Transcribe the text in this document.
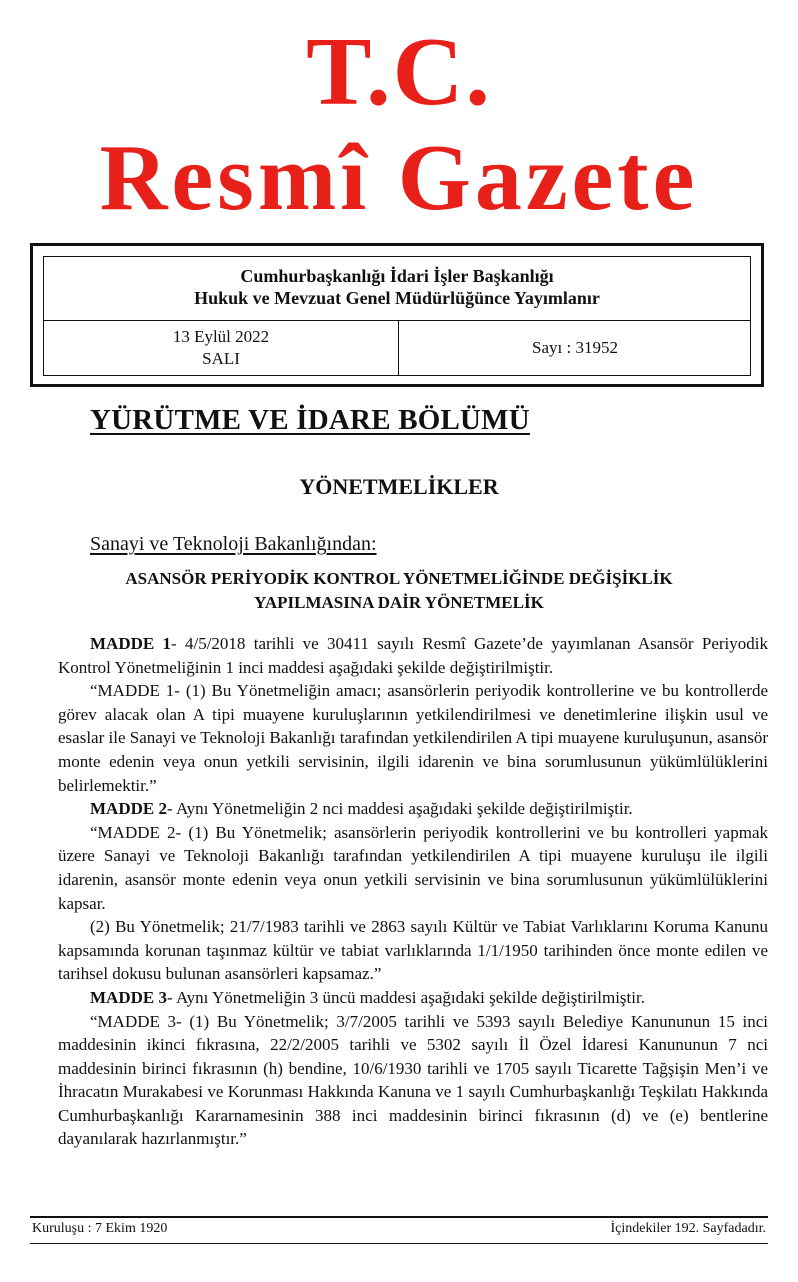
T.C.
Resmî Gazete
Cumhurbaşkanlığı İdari İşler Başkanlığı
Hukuk ve Mevzuat Genel Müdürlüğünce Yayımlanır
13 Eylül 2022
SALI
Sayı : 31952
YÜRÜTME VE İDARE BÖLÜMÜ
YÖNETMELİKLER
Sanayi ve Teknoloji Bakanlığından:
ASANSÖR PERİYODİK KONTROL YÖNETMELİĞİNDE DEĞİŞİKLİK
YAPILMASINA DAİR YÖNETMELİK

MADDE 1- 4/5/2018 tarihli ve 30411 sayılı Resmî Gazete’de yayımlanan Asansör Periyodik Kontrol Yönetmeliğinin 1 inci maddesi aşağıdaki şekilde değiştirilmiştir.

“MADDE 1- (1) Bu Yönetmeliğin amacı; asansörlerin periyodik kontrollerine ve bu kontrollerde görev alacak olan A tipi muayene kuruluşlarının yetkilendirilmesi ve denetimlerine ilişkin usul ve esaslar ile Sanayi ve Teknoloji Bakanlığı tarafından yetkilendirilen A tipi muayene kuruluşunun, asansör monte edenin veya onun yetkili servisinin, ilgili idarenin ve bina sorumlusunun yükümlülüklerini belirlemektir.”

MADDE 2- Aynı Yönetmeliğin 2 nci maddesi aşağıdaki şekilde değiştirilmiştir.

“MADDE 2- (1) Bu Yönetmelik; asansörlerin periyodik kontrollerini ve bu kontrolleri yapmak üzere Sanayi ve Teknoloji Bakanlığı tarafından yetkilendirilen A tipi muayene kuruluşu ile ilgili idarenin, asansör monte edenin veya onun yetkili servisinin ve bina sorumlusunun yükümlülüklerini kapsar.

(2) Bu Yönetmelik; 21/7/1983 tarihli ve 2863 sayılı Kültür ve Tabiat Varlıklarını Koruma Kanunu kapsamında korunan taşınmaz kültür ve tabiat varlıklarında 1/1/1950 tarihinden önce monte edilen ve tarihsel dokusu bulunan asansörleri kapsamaz.”

MADDE 3- Aynı Yönetmeliğin 3 üncü maddesi aşağıdaki şekilde değiştirilmiştir.

“MADDE 3- (1) Bu Yönetmelik; 3/7/2005 tarihli ve 5393 sayılı Belediye Kanununun 15 inci maddesinin ikinci fıkrasına, 22/2/2005 tarihli ve 5302 sayılı İl Özel İdaresi Kanununun 7 nci maddesinin birinci fıkrasının (h) bendine, 10/6/1930 tarihli ve 1705 sayılı Ticarette Tağşişin Men’i ve İhracatın Murakabesi ve Korunması Hakkında Kanuna ve 1 sayılı Cumhurbaşkanlığı Teşkilatı Hakkında Cumhurbaşkanlığı Kararnamesinin 388 inci maddesinin birinci fıkrasının (d) ve (e) bentlerine dayanılarak hazırlanmıştır.”

Kuruluşu : 7 Ekim 1920	İçindekiler 192. Sayfadadır.
